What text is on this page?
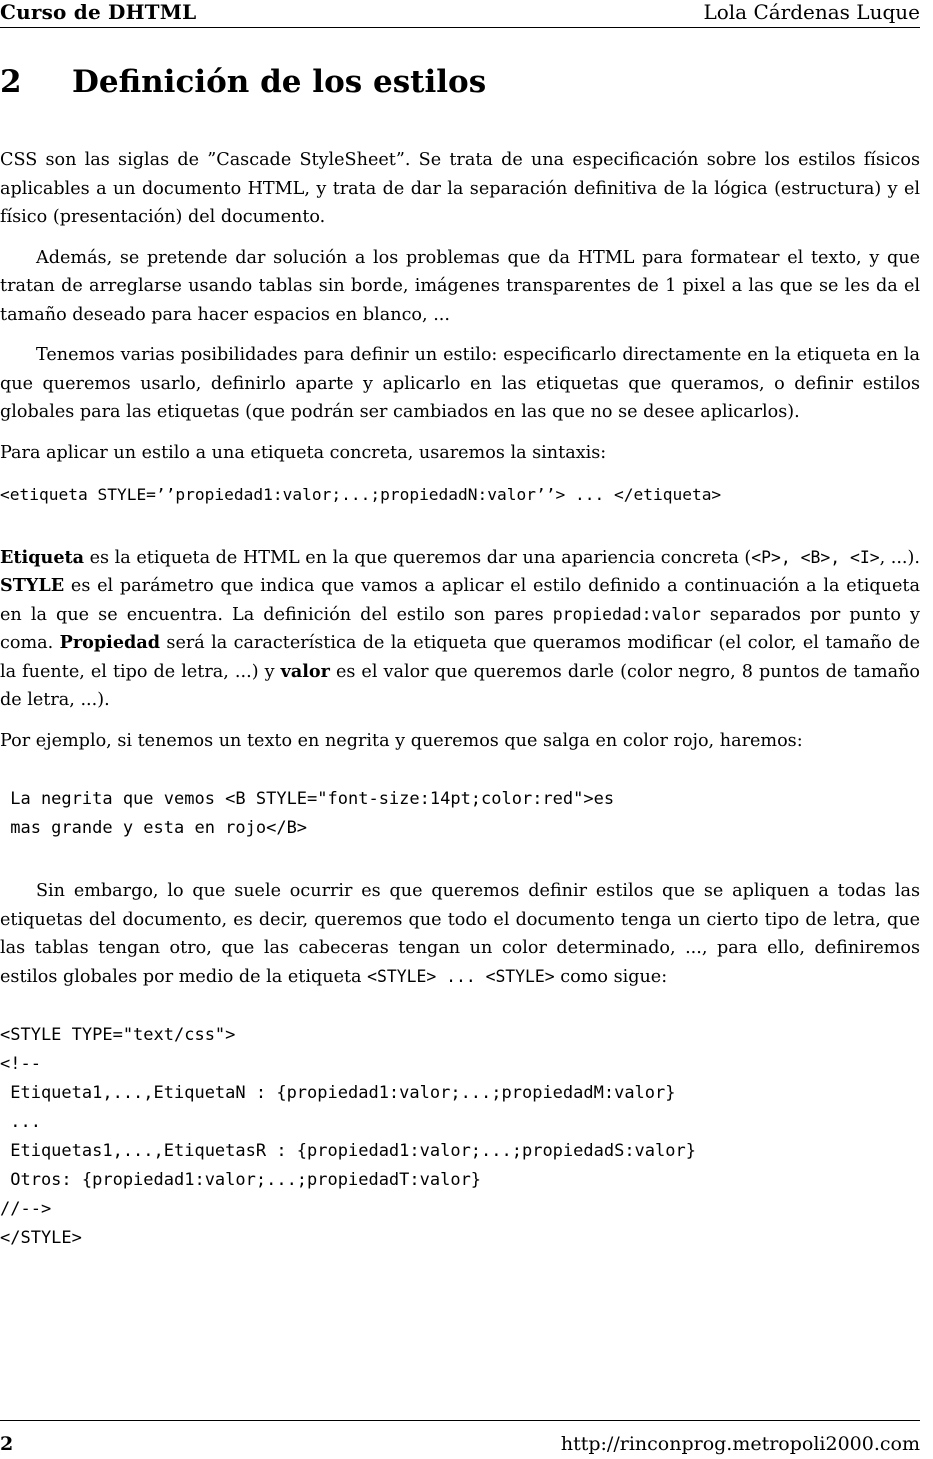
Curso de DHTML	Lola Cárdenas Luque
2 Definición de los estilos

CSS son las siglas de ”Cascade StyleSheet”. Se trata de una especificación sobre los estilos físicos aplicables a un documento HTML, y trata de dar la separación definitiva de la lógica (estructura) y el físico (presentación) del documento.

Además, se pretende dar solución a los problemas que da HTML para formatear el texto, y que tratan de arreglarse usando tablas sin borde, imágenes transparentes de 1 pixel a las que se les da el tamaño deseado para hacer espacios en blanco, ...

Tenemos varias posibilidades para definir un estilo: especificarlo directamente en la etiqueta en la que queremos usarlo, definirlo aparte y aplicarlo en las etiquetas que queramos, o definir estilos globales para las etiquetas (que podrán ser cambiados en las que no se desee aplicarlos).

Para aplicar un estilo a una etiqueta concreta, usaremos la sintaxis:

<etiqueta STYLE=’’propiedad1:valor;...;propiedadN:valor’’> ... </etiqueta>

Etiqueta es la etiqueta de HTML en la que queremos dar una apariencia concreta (<P>, <B>, <I>, ...). STYLE es el parámetro que indica que vamos a aplicar el estilo definido a continuación a la etiqueta en la que se encuentra. La definición del estilo son pares propiedad:valor separados por punto y coma. Propiedad será la característica de la etiqueta que queramos modificar (el color, el tamaño de la fuente, el tipo de letra, ...) y valor es el valor que queremos darle (color negro, 8 puntos de tamaño de letra, ...).

Por ejemplo, si tenemos un texto en negrita y queremos que salga en color rojo, haremos:

La negrita que vemos <B STYLE="font-size:14pt;color:red">es
mas grande y esta en rojo</B>

Sin embargo, lo que suele ocurrir es que queremos definir estilos que se apliquen a todas las etiquetas del documento, es decir, queremos que todo el documento tenga un cierto tipo de letra, que las tablas tengan otro, que las cabeceras tengan un color determinado, ..., para ello, definiremos estilos globales por medio de la etiqueta <STYLE> ... <STYLE> como sigue:

<STYLE TYPE="text/css">
<!--
Etiqueta1,...,EtiquetaN : {propiedad1:valor;...;propiedadM:valor}
...
Etiquetas1,...,EtiquetasR : {propiedad1:valor;...;propiedadS:valor}
Otros: {propiedad1:valor;...;propiedadT:valor}
//-->
</STYLE>
2	http://rinconprog.metropoli2000.com
